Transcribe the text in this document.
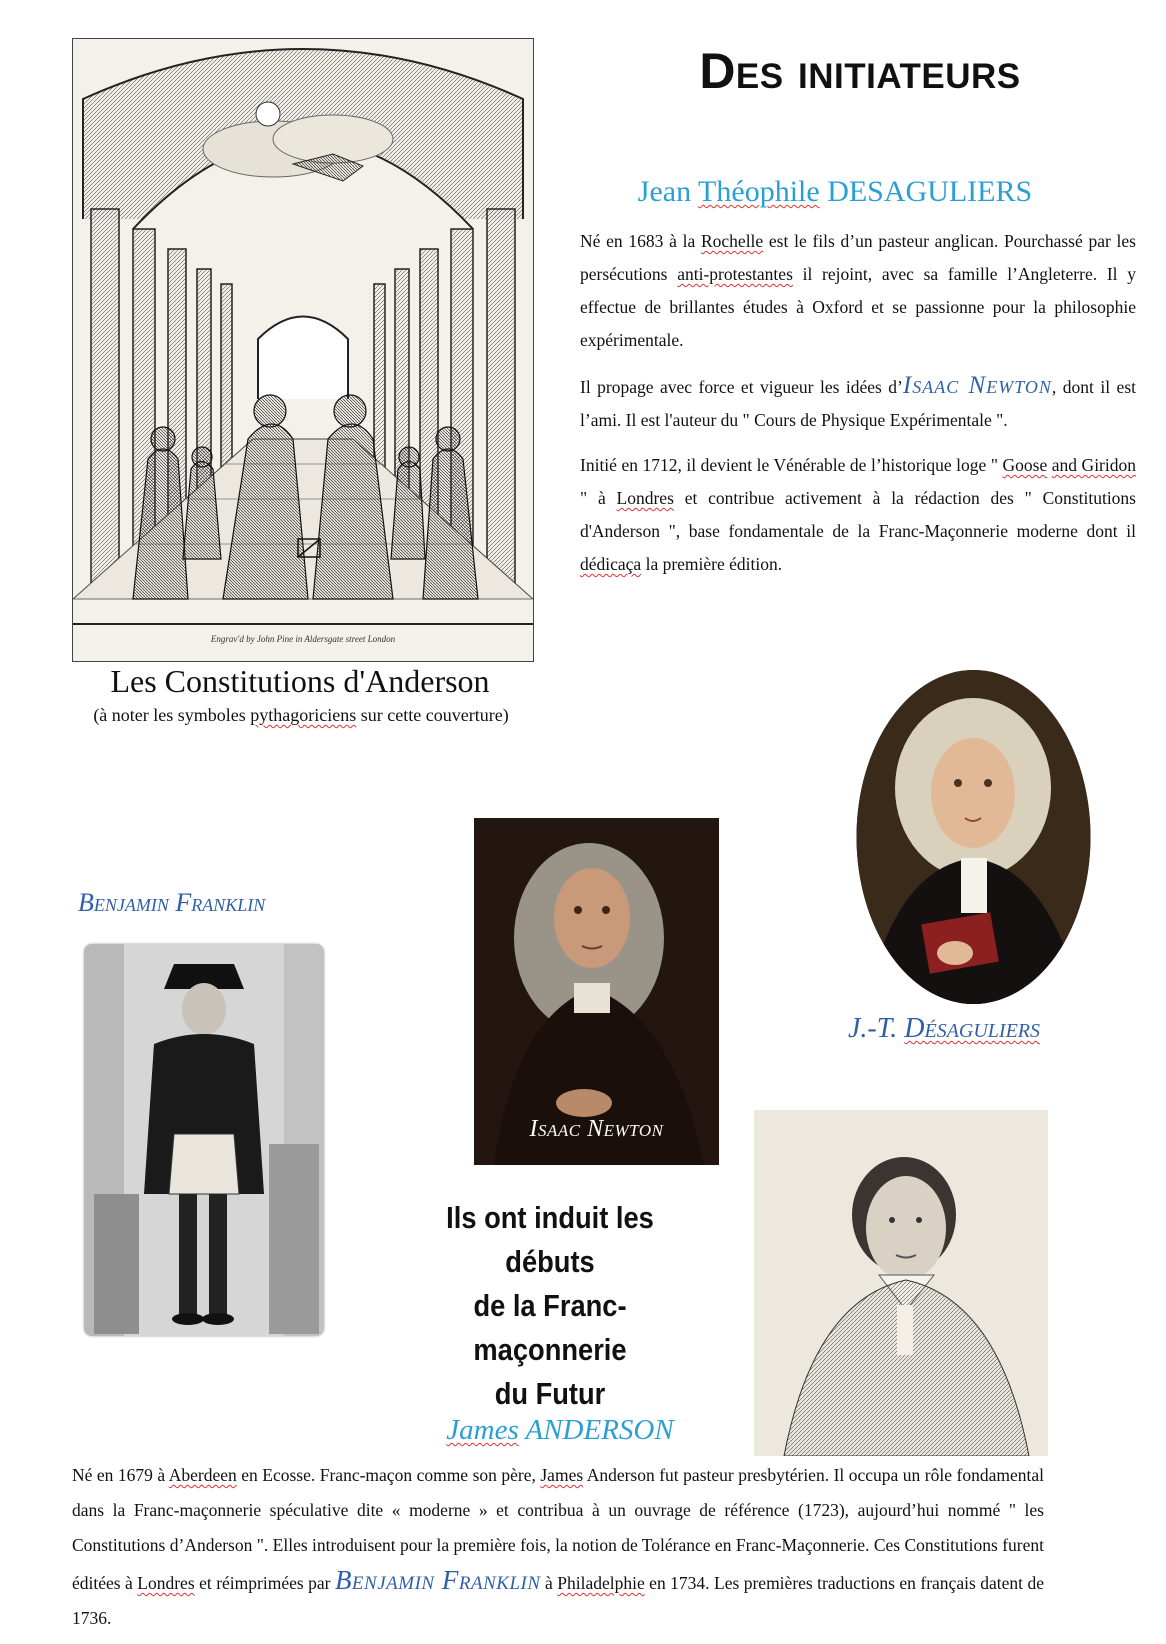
Des initiateurs
Engrav'd by John Pine in Aldersgate street London
Les Constitutions d'Anderson
(à noter les symboles pythagoriciens sur cette couverture)
Jean Théophile DESAGULIERS

Né en 1683 à la Rochelle est le fils d’un pasteur anglican. Pourchassé par les persécutions anti-protestantes il rejoint, avec sa famille l’Angleterre. Il y effectue de brillantes études à Oxford et se passionne pour la philosophie expérimentale.

Il propage avec force et vigueur les idées d’Isaac Newton, dont il est l’ami. Il est l'auteur du " Cours de Physique Expérimentale ".

Initié en 1712, il devient le Vénérable de l’historique loge " Goose and Giridon " à Londres et contribue activement à la rédaction des " Constitutions d'Anderson ", base fondamentale de la Franc-Maçonnerie moderne dont il dédicaça la première édition.

J.-T. Désaguliers
Benjamin Franklin
Isaac Newton
Ils ont induit les débuts
de la Franc-maçonnerie
du Futur
James ANDERSON
Né en 1679 à Aberdeen en Ecosse. Franc-maçon comme son père, James Anderson fut pasteur presbytérien. Il occupa un rôle fondamental dans la Franc-maçonnerie spéculative dite « moderne » et contribua à un ouvrage de référence (1723), aujourd’hui nommé " les Constitutions d’Anderson ". Elles introduisent pour la première fois, la notion de Tolérance en Franc-Maçonnerie. Ces Constitutions furent éditées à Londres et réimprimées par Benjamin Franklin à Philadelphie en 1734. Les premières traductions en français datent de 1736.
